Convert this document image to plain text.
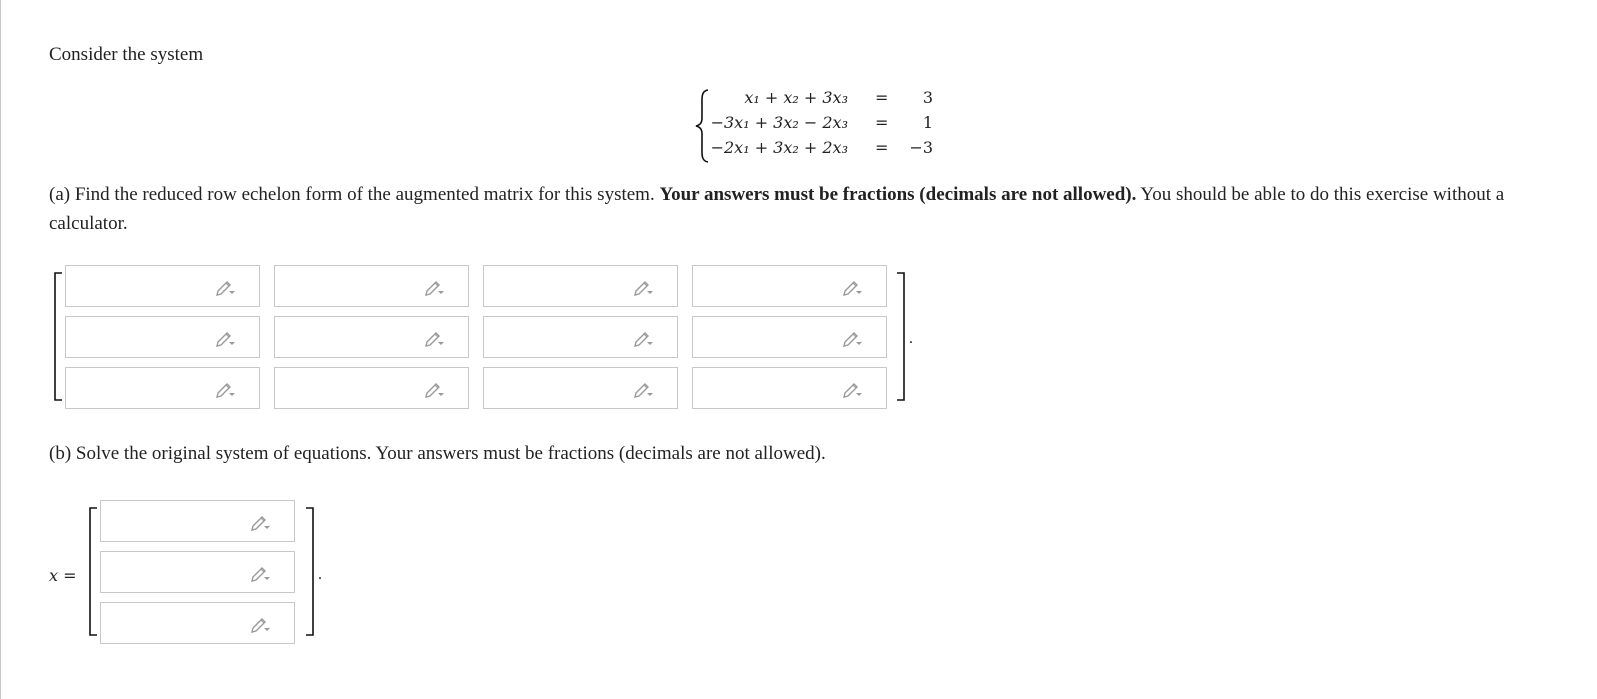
Consider the system
x₁ + x₂ + 3x₃ = 3
−3x₁ + 3x₂ − 2x₃ = 1
−2x₁ + 3x₂ + 2x₃ = −3
(a) Find the reduced row echelon form of the augmented matrix for this system. Your answers must be fractions (decimals are not allowed). You should be able to do this exercise without a calculator.
.
(b) Solve the original system of equations. Your answers must be fractions (decimals are not allowed).
x =	.
